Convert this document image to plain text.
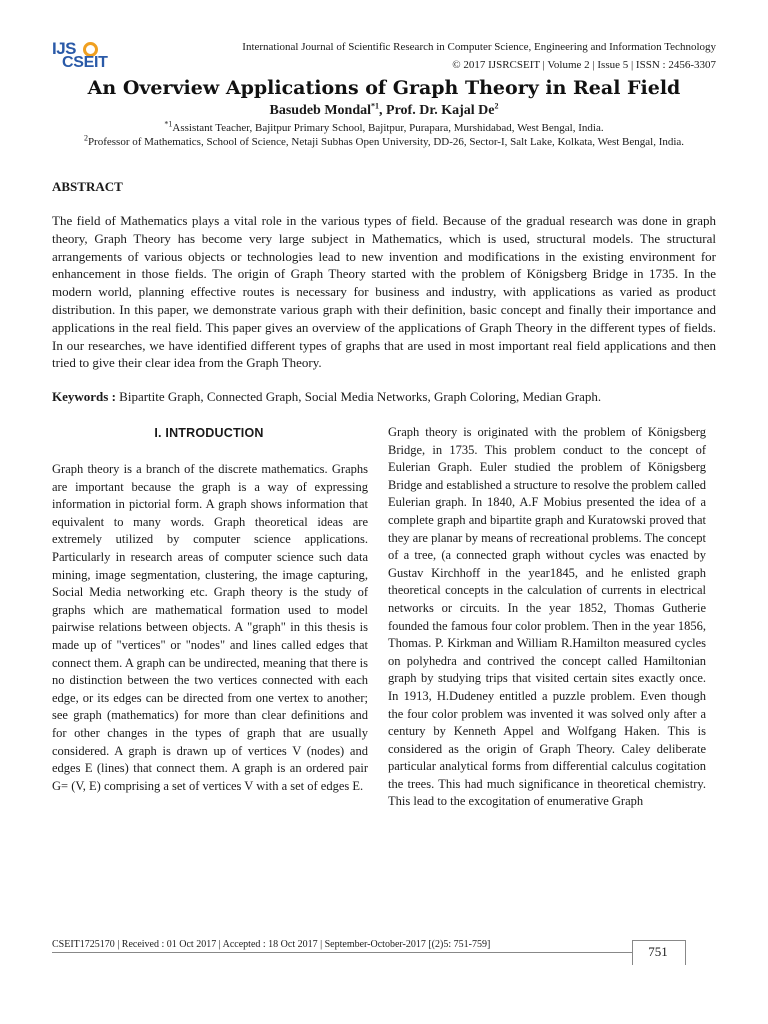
IJS
CSEIT
International Journal of Scientific Research in Computer Science, Engineering and Information Technology
© 2017 IJSRCSEIT | Volume 2 | Issue 5 | ISSN : 2456-3307
An Overview Applications of Graph Theory in Real Field
Basudeb Mondal$^{*1}$, Prof. Dr. Kajal De$^2$
$^{*1}$Assistant Teacher, Bajitpur Primary School, Bajitpur, Purapara, Murshidabad, West Bengal, India.
$^2$Professor of Mathematics, School of Science, Netaji Subhas Open University, DD-26, Sector-I, Salt Lake, Kolkata, West Bengal, India.
ABSTRACT
The field of Mathematics plays a vital role in the various types of field. Because of the gradual research was done in graph theory, Graph Theory has become very large subject in Mathematics, which is used, structural models. The structural arrangements of various objects or technologies lead to new invention and modifications in the existing environment for enhancement in those fields. The origin of Graph Theory started with the problem of Königsberg Bridge in 1735. In the modern world, planning effective routes is necessary for business and industry, with applications as varied as product distribution. In this paper, we demonstrate various graph with their definition, basic concept and finally their importance and applications in the real field. This paper gives an overview of the applications of Graph Theory in the different types of fields. In our researches, we have identified different types of graphs that are used in most important real field applications and then tried to give their clear idea from the Graph Theory.
Keywords : Bipartite Graph, Connected Graph, Social Media Networks, Graph Coloring, Median Graph.
I. INTRODUCTION
Graph theory is a branch of the discrete mathematics. Graphs are important because the graph is a way of expressing information in pictorial form. A graph shows information that equivalent to many words. Graph theoretical ideas are extremely utilized by computer science applications. Particularly in research areas of computer science such data mining, image segmentation, clustering, the image capturing, Social Media networking etc. Graph theory is the study of graphs which are mathematical formation used to model pairwise relations between objects. A "graph" in this thesis is made up of "vertices" or "nodes" and lines called edges that connect them. A graph can be undirected, meaning that there is no distinction between the two vertices connected with each edge, or its edges can be directed from one vertex to another; see graph (mathematics) for more than clear definitions and for other changes in the types of graph that are usually considered. A graph is drawn up of vertices V (nodes) and edges E (lines) that connect them. A graph is an ordered pair G= (V, E) comprising a set of vertices V with a set of edges E.
Graph theory is originated with the problem of Königsberg Bridge, in 1735. This problem conduct to the concept of Eulerian Graph. Euler studied the problem of Königsberg Bridge and established a structure to resolve the problem called Eulerian graph. In 1840, A.F Mobius presented the idea of a complete graph and bipartite graph and Kuratowski proved that they are planar by means of recreational problems. The concept of a tree, (a connected graph without cycles was enacted by Gustav Kirchhoff in the year1845, and he enlisted graph theoretical concepts in the calculation of currents in electrical networks or circuits. In the year 1852, Thomas Gutherie founded the famous four color problem. Then in the year 1856, Thomas. P. Kirkman and William R.Hamilton measured cycles on polyhedra and contrived the concept called Hamiltonian graph by studying trips that visited certain sites exactly once. In 1913, H.Dudeney entitled a puzzle problem. Even though the four color problem was invented it was solved only after a century by Kenneth Appel and Wolfgang Haken. This is considered as the origin of Graph Theory. Caley deliberate particular analytical forms from differential calculus cogitation the trees. This had much significance in theoretical chemistry. This lead to the excogitation of enumerative Graph
CSEIT1725170 | Received : 01 Oct 2017 | Accepted : 18 Oct 2017 | September-October-2017 [(2)5: 751-759]	751
